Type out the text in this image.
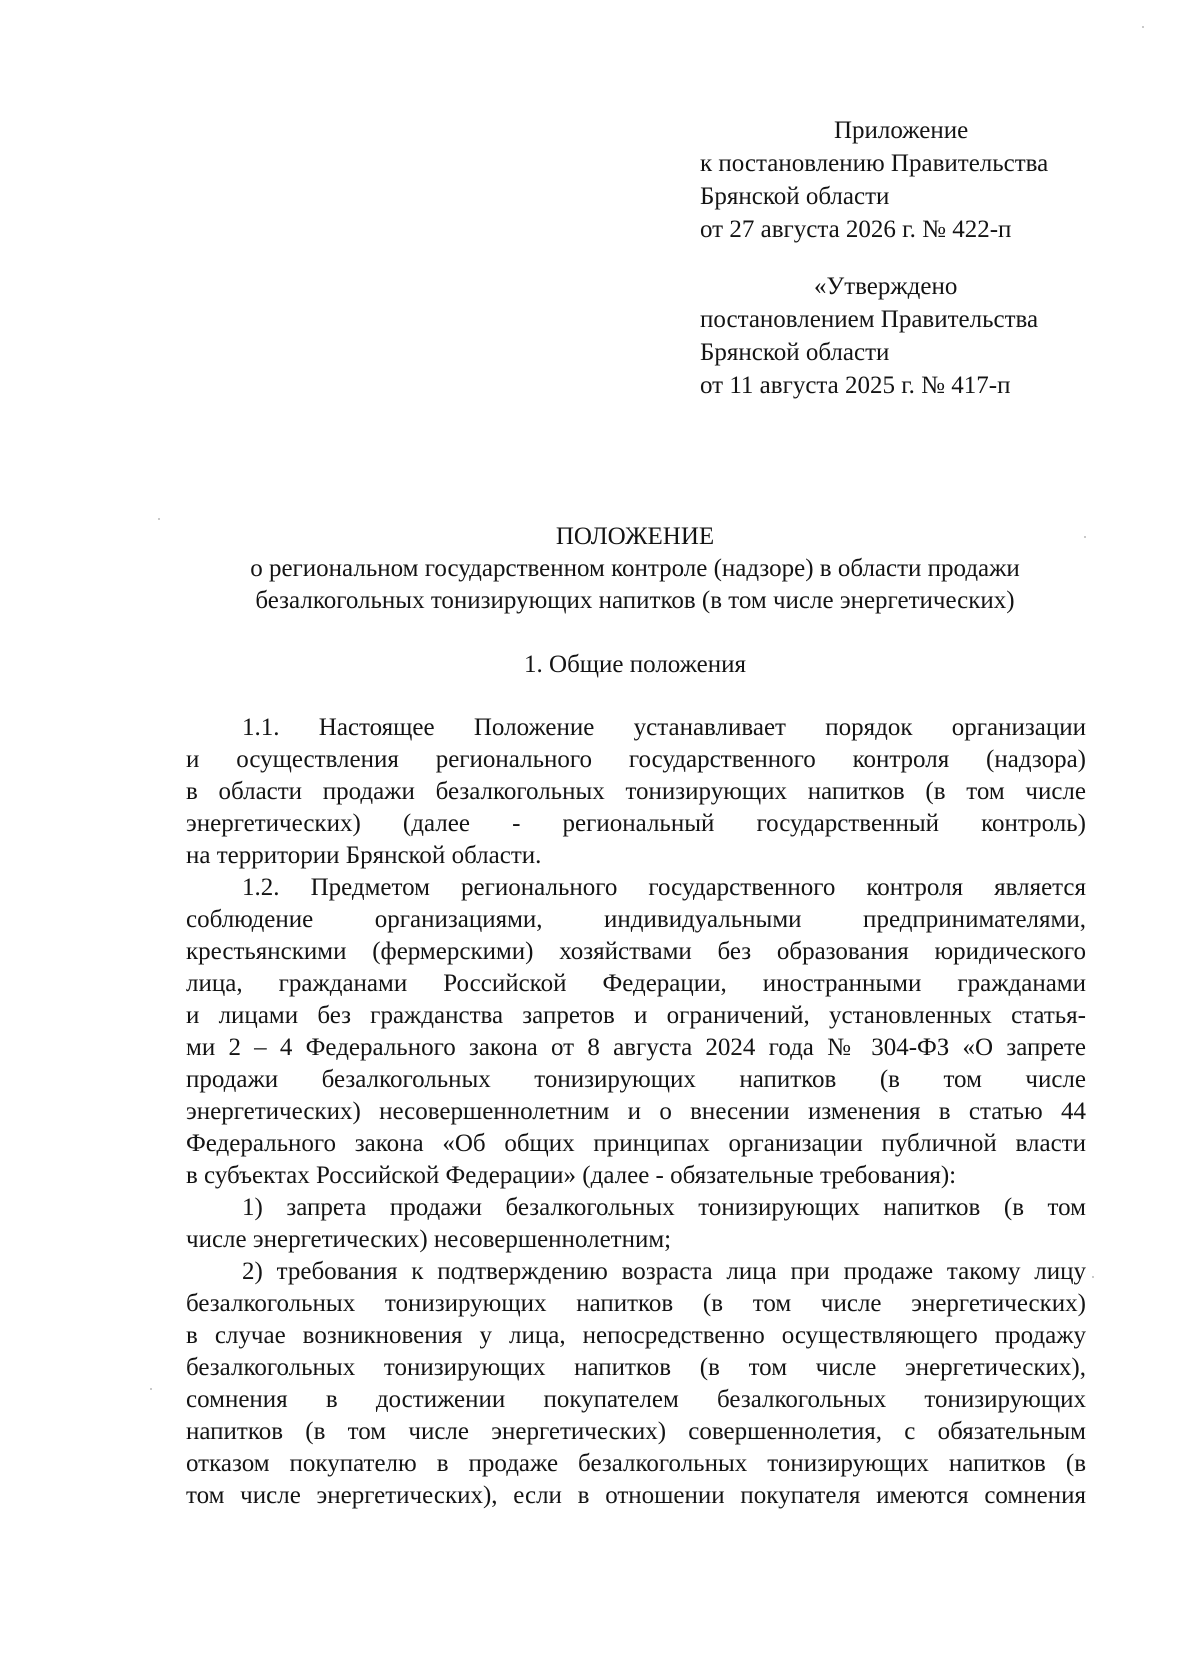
Приложение
к постановлению Правительства
Брянской области
от 27 августа 2026 г. № 422-п
«Утверждено
постановлением Правительства
Брянской области
от 11 августа 2025 г. № 417-п
ПОЛОЖЕНИЕ
о региональном государственном контроле (надзоре) в области продажи
безалкогольных тонизирующих напитков (в том числе энергетических)
1. Общие положения
1.1. Настоящее Положение устанавливает порядок организации
и осуществления регионального государственного контроля (надзора)
в области продажи безалкогольных тонизирующих напитков (в том числе
энергетических) (далее - региональный государственный контроль)
на территории Брянской области.
1.2. Предметом регионального государственного контроля является
соблюдение организациями, индивидуальными предпринимателями,
крестьянскими (фермерскими) хозяйствами без образования юридического
лица, гражданами Российской Федерации, иностранными гражданами
и лицами без гражданства запретов и ограничений, установленных статья-
ми 2 – 4 Федерального закона от 8 августа 2024 года № 304-ФЗ «О запрете
продажи безалкогольных тонизирующих напитков (в том числе
энергетических) несовершеннолетним и о внесении изменения в статью 44
Федерального закона «Об общих принципах организации публичной власти
в субъектах Российской Федерации» (далее - обязательные требования):
1) запрета продажи безалкогольных тонизирующих напитков (в том
числе энергетических) несовершеннолетним;
2) требования к подтверждению возраста лица при продаже такому лицу
безалкогольных тонизирующих напитков (в том числе энергетических)
в случае возникновения у лица, непосредственно осуществляющего продажу
безалкогольных тонизирующих напитков (в том числе энергетических),
сомнения в достижении покупателем безалкогольных тонизирующих
напитков (в том числе энергетических) совершеннолетия, с обязательным
отказом покупателю в продаже безалкогольных тонизирующих напитков (в
том числе энергетических), если в отношении покупателя имеются сомнения
